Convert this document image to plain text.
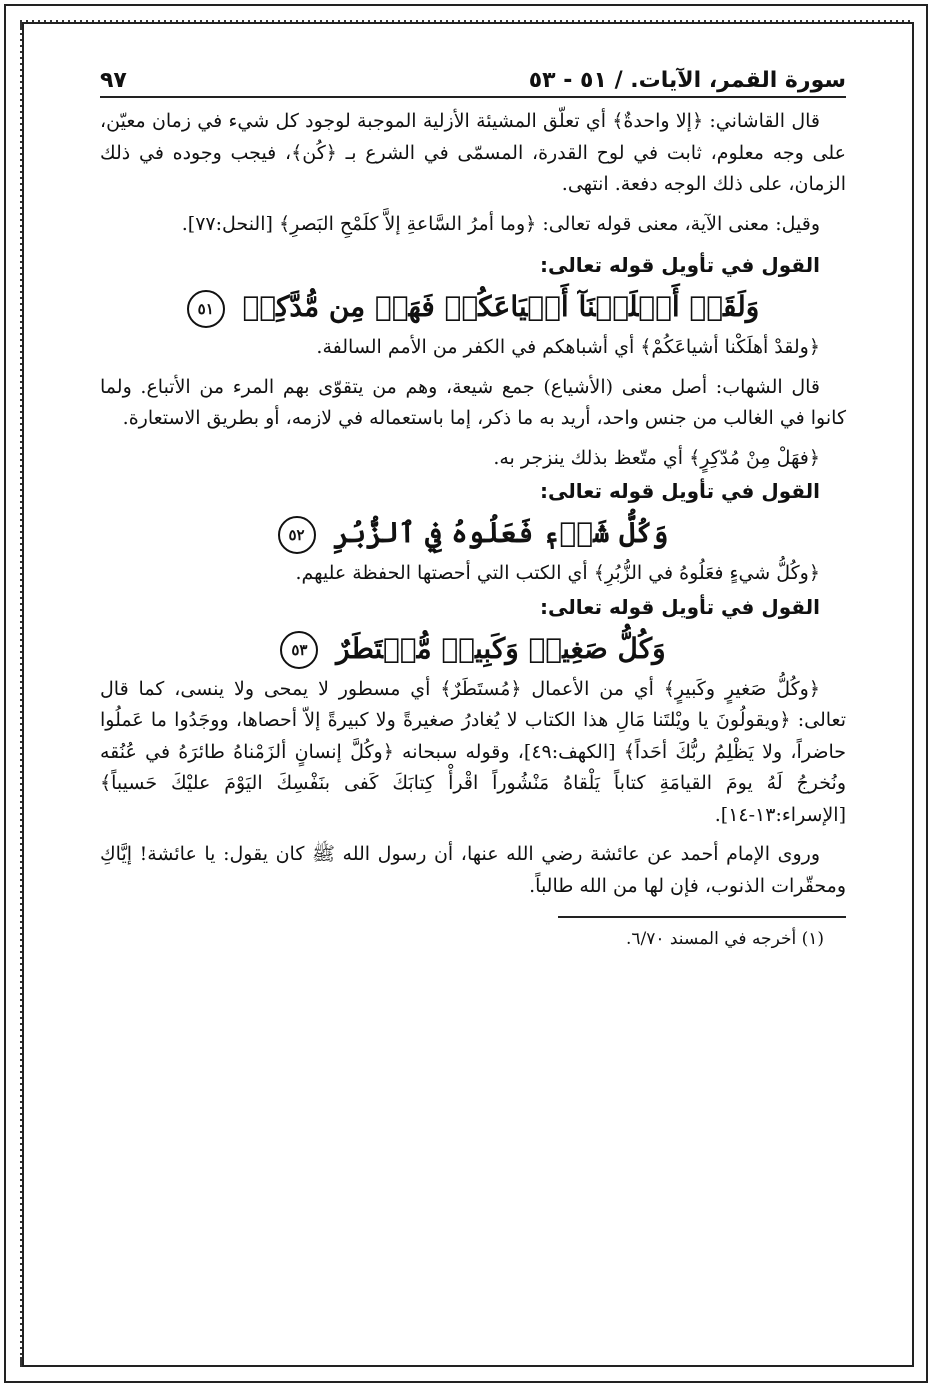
سورة القمر، الآيات. / ٥١ - ٥٣
٩٧

قال القاشاني: ﴿إلا واحدةٌ﴾ أي تعلّق المشيئة الأزلية الموجبة لوجود كل شيء في زمان معيّن، على وجه معلوم، ثابت في لوح القدرة، المسمّى في الشرع بـ ﴿كُن﴾، فيجب وجوده في ذلك الزمان، على ذلك الوجه دفعة. انتهى.

وقيل: معنى الآية، معنى قوله تعالى: ﴿وما أمرُ السَّاعةِ إلاَّ كلَمْحِ البَصرِ﴾ [النحل:٧٧].

القول في تأويل قوله تعالى:
وَلَقَدۡ أَهۡلَكۡنَآ أَشۡيَاعَكُمۡ فَهَلۡ مِن مُّدَّكِرٖ ٥١

﴿ولقدْ أهلَكْنا أشياعَكُمْ﴾ أي أشباهكم في الكفر من الأمم السالفة.

قال الشهاب: أصل معنى (الأشياع) جمع شيعة، وهم من يتقوّى بهم المرء من الأتباع. ولما كانوا في الغالب من جنس واحد، أريد به ما ذكر، إما باستعماله في لازمه، أو بطريق الاستعارة.

﴿فهَلْ مِنْ مُدّكِرٍ﴾ أي متّعظ بذلك ينزجر به.

القول في تأويل قوله تعالى:
وَكُلُّ شَيۡءٖ فَعَلُوهُ فِي ٱلزُّبُرِ ٥٢

﴿وكُلُّ شيءٍ فعَلُوهُ في الزُّبُرِ﴾ أي الكتب التي أحصتها الحفظة عليهم.

القول في تأويل قوله تعالى:
وَكُلُّ صَغِيرٖ وَكَبِيرٖ مُّسۡتَطَرٌ ٥٣

﴿وكُلُّ صَغيرٍ وكَبيرٍ﴾ أي من الأعمال ﴿مُستَطَرٌ﴾ أي مسطور لا يمحى ولا ينسى، كما قال تعالى: ﴿ويقولُونَ يا ويْلتَنا مَالِ هذا الكتاب لا يُغادرُ صغيرةً ولا كبيرةً إلاّ أحصاها، ووجَدُوا ما عَملُوا حاضراً، ولا يَظْلِمُ ربُّكَ أحَداً﴾ [الكهف:٤٩]، وقوله سبحانه ﴿وكُلَّ إنسانٍ ألزَمْناهُ طائرَهُ في عُنُقه ونُخرجُ لَهُ يومَ القيامَةِ كتاباً يَلْقاهُ مَنْشُوراً اقْرأْ كِتابَكَ كَفى بنَفْسِكَ اليَوْمَ عليْكَ حَسيباً﴾ [الإسراء:١٣-١٤].

وروى الإمام أحمد عن عائشة رضي الله عنها، أن رسول الله ﷺ كان يقول: يا عائشة! إيَّاكِ ومحقّرات الذنوب، فإن لها من الله طالباً.

(١) أخرجه في المسند ٦/٧٠.
